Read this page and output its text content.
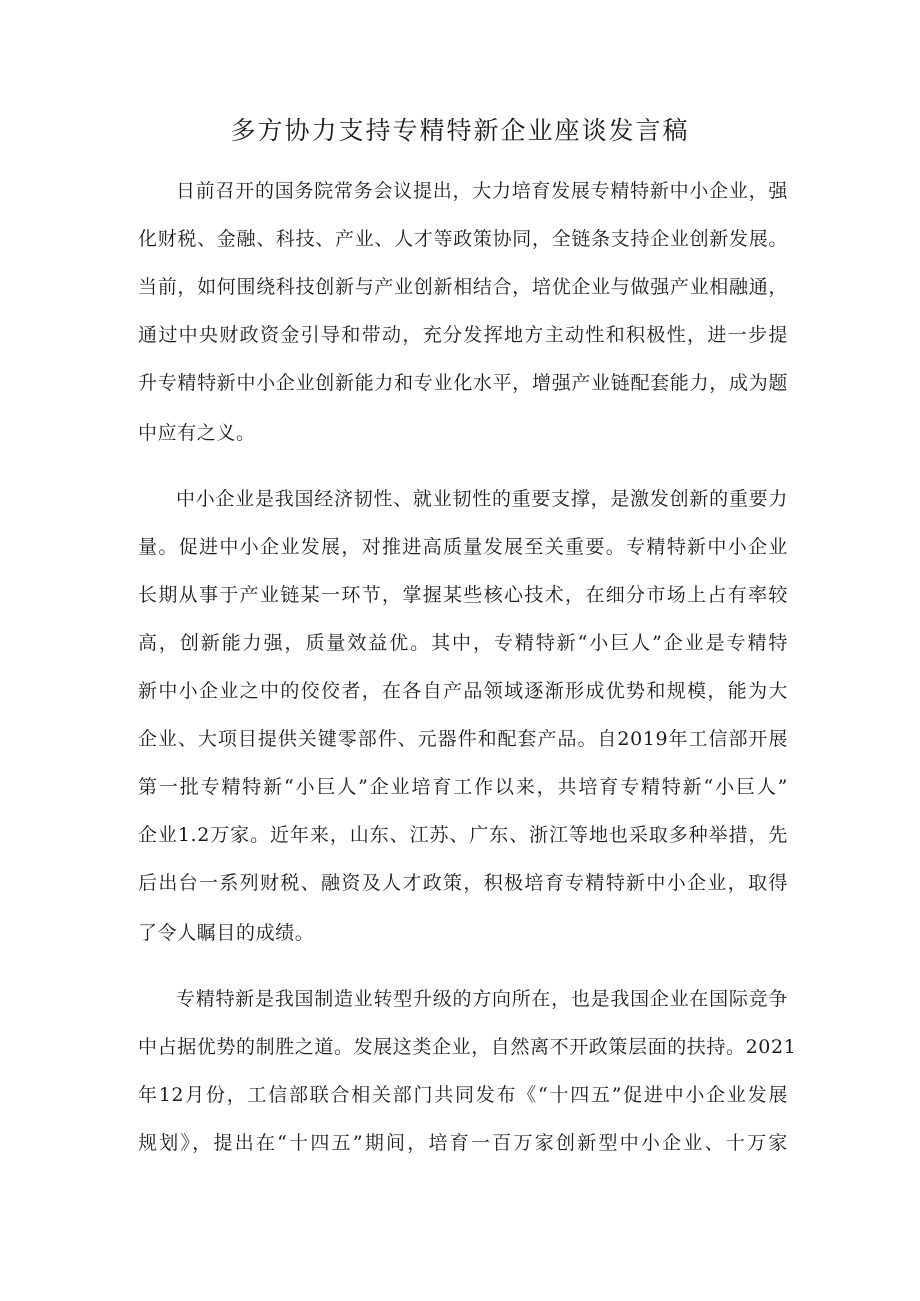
多方协力支持专精特新企业座谈发言稿

日前召开的国务院常务会议提出，大力培育发展专精特新中小企业，强

化财税、金融、科技、产业、人才等政策协同，全链条支持企业创新发展。

当前，如何围绕科技创新与产业创新相结合，培优企业与做强产业相融通，

通过中央财政资金引导和带动，充分发挥地方主动性和积极性，进一步提

升专精特新中小企业创新能力和专业化水平，增强产业链配套能力，成为题

中应有之义。

中小企业是我国经济韧性、就业韧性的重要支撑，是激发创新的重要力

量。促进中小企业发展，对推进高质量发展至关重要。专精特新中小企业

长期从事于产业链某一环节，掌握某些核心技术，在细分市场上占有率较

高，创新能力强，质量效益优。其中，专精特新“小巨人”企业是专精特

新中小企业之中的佼佼者，在各自产品领域逐渐形成优势和规模，能为大

企业、大项目提供关键零部件、元器件和配套产品。自2019年工信部开展

第一批专精特新“小巨人”企业培育工作以来，共培育专精特新“小巨人”

企业1.2万家。近年来，山东、江苏、广东、浙江等地也采取多种举措，先

后出台一系列财税、融资及人才政策，积极培育专精特新中小企业，取得

了令人瞩目的成绩。

专精特新是我国制造业转型升级的方向所在，也是我国企业在国际竞争

中占据优势的制胜之道。发展这类企业，自然离不开政策层面的扶持。2021

年12月份，工信部联合相关部门共同发布《“十四五”促进中小企业发展

规划》，提出在“十四五”期间，培育一百万家创新型中小企业、十万家
